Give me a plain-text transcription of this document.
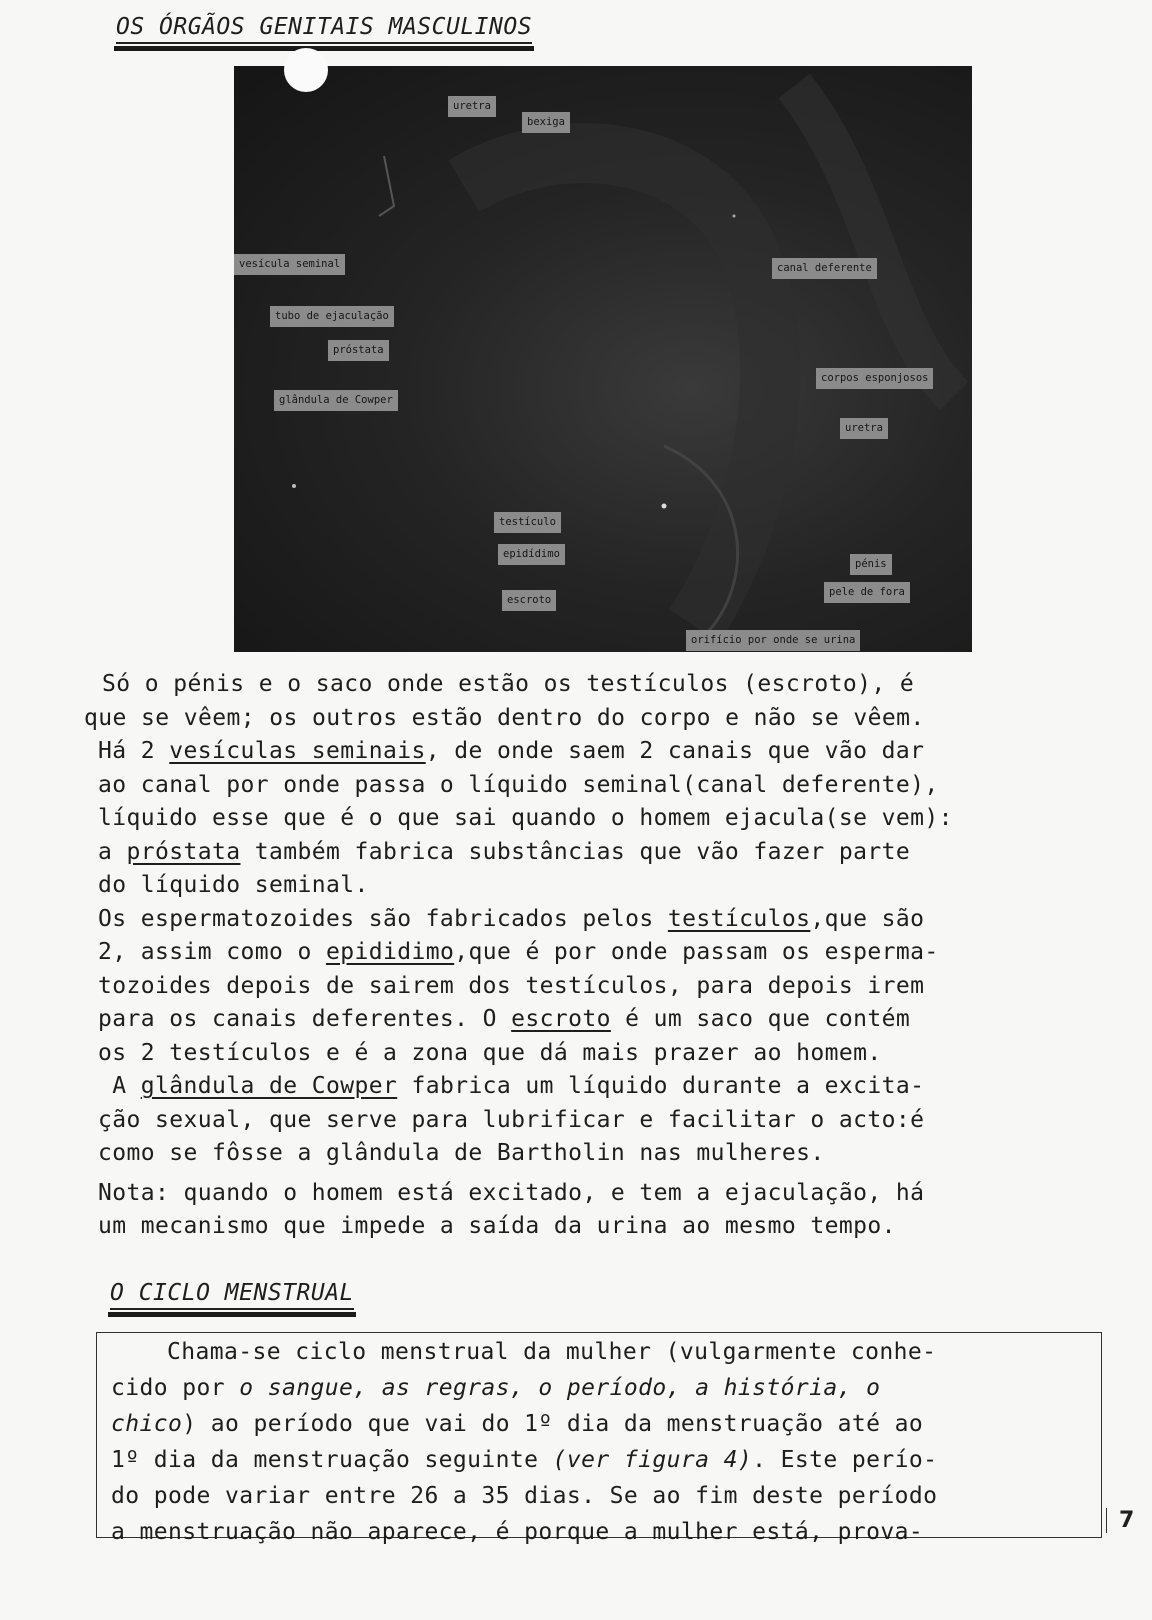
OS ÓRGÃOS GENITAIS MASCULINOS
uretra
bexiga
vesícula seminal
tubo de ejaculação
próstata
glândula de Cowper
canal deferente
corpos esponjosos
uretra
testículo
epidídimo
escroto
pénis
pele de fora
orifício por onde se urina

Só o pénis e o saco onde estão os testículos (escroto), é

que se vêem; os outros estão dentro do corpo e não se vêem.

Há 2 vesículas seminais, de onde saem 2 canais que vão dar

ao canal por onde passa o líquido seminal(canal deferente),

líquido esse que é o que sai quando o homem ejacula(se vem):

a próstata também fabrica substâncias que vão fazer parte

do líquido seminal.

Os espermatozoides são fabricados pelos testículos,que são

2, assim como o epididimo,que é por onde passam os esperma-

tozoides depois de sairem dos testículos, para depois irem

para os canais deferentes. O escroto é um saco que contém

os 2 testículos e é a zona que dá mais prazer ao homem.

A glândula de Cowper fabrica um líquido durante a excita-

ção sexual, que serve para lubrificar e facilitar o acto:é

como se fôsse a glândula de Bartholin nas mulheres.

Nota: quando o homem está excitado, e tem a ejaculação, há

um mecanismo que impede a saída da urina ao mesmo tempo.

O CICLO MENSTRUAL

Chama-se ciclo menstrual da mulher (vulgarmente conhe-

cido por o sangue, as regras, o período, a história, o

chico) ao período que vai do 1º dia da menstruação até ao

1º dia da menstruação seguinte (ver figura 4). Este perío-

do pode variar entre 26 a 35 dias. Se ao fim deste período

a menstruação não aparece, é porque a mulher está, prova-	7
